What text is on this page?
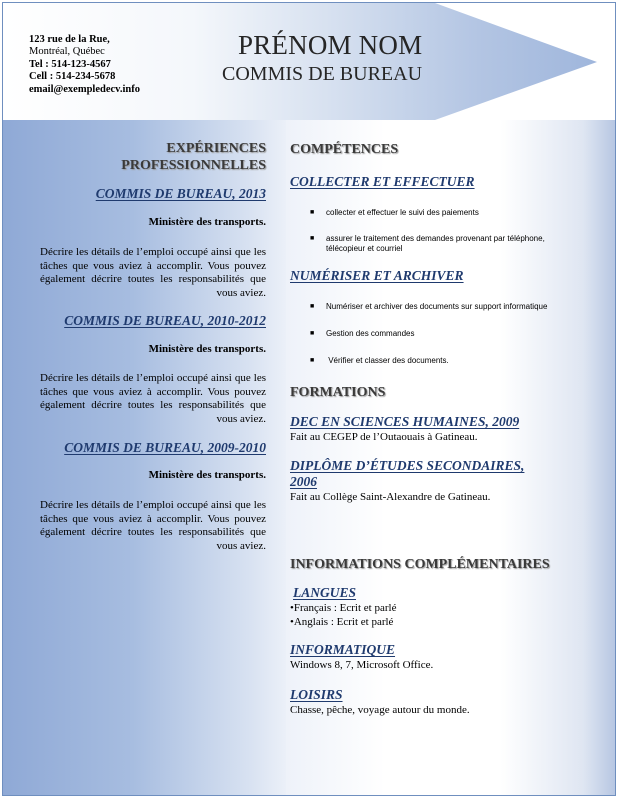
123 rue de la Rue,
Montréal, Québec
Tel : 514-123-4567
Cell : 514-234-5678
email@exempledecv.info
PRÉNOM NOM
COMMIS DE BUREAU
EXPÉRIENCES
PROFESSIONNELLES
COMMIS DE BUREAU, 2013
Ministère des transports.
Décrire les détails de l’emploi occupé ainsi que les tâches que vous aviez à accomplir. Vous pouvez également décrire toutes les responsabilités que vous aviez.
COMMIS DE BUREAU, 2010-2012
Ministère des transports.
Décrire les détails de l’emploi occupé ainsi que les tâches que vous aviez à accomplir. Vous pouvez également décrire toutes les responsabilités que vous aviez.
COMMIS DE BUREAU, 2009-2010
Ministère des transports.
Décrire les détails de l’emploi occupé ainsi que les tâches que vous aviez à accomplir. Vous pouvez également décrire toutes les responsabilités que vous aviez.
COMPÉTENCES
COLLECTER ET EFFECTUER
■ collecter et effectuer le suivi des paiements
■ assurer le traitement des demandes provenant par téléphone, télécopieur et courriel
NUMÉRISER ET ARCHIVER
■ Numériser et archiver des documents sur support informatique
■ Gestion des commandes
■ Vérifier et classer des documents.
FORMATIONS
DEC EN SCIENCES HUMAINES, 2009
Fait au CEGEP de l’Outaouais à Gatineau.
DIPLÔME D’ÉTUDES SECONDAIRES,
2006
Fait au Collège Saint-Alexandre de Gatineau.
INFORMATIONS COMPLÉMENTAIRES
LANGUES
•Français : Ecrit et parlé
•Anglais : Ecrit et parlé
INFORMATIQUE
Windows 8, 7, Microsoft Office.
LOISIRS
Chasse, pêche, voyage autour du monde.
